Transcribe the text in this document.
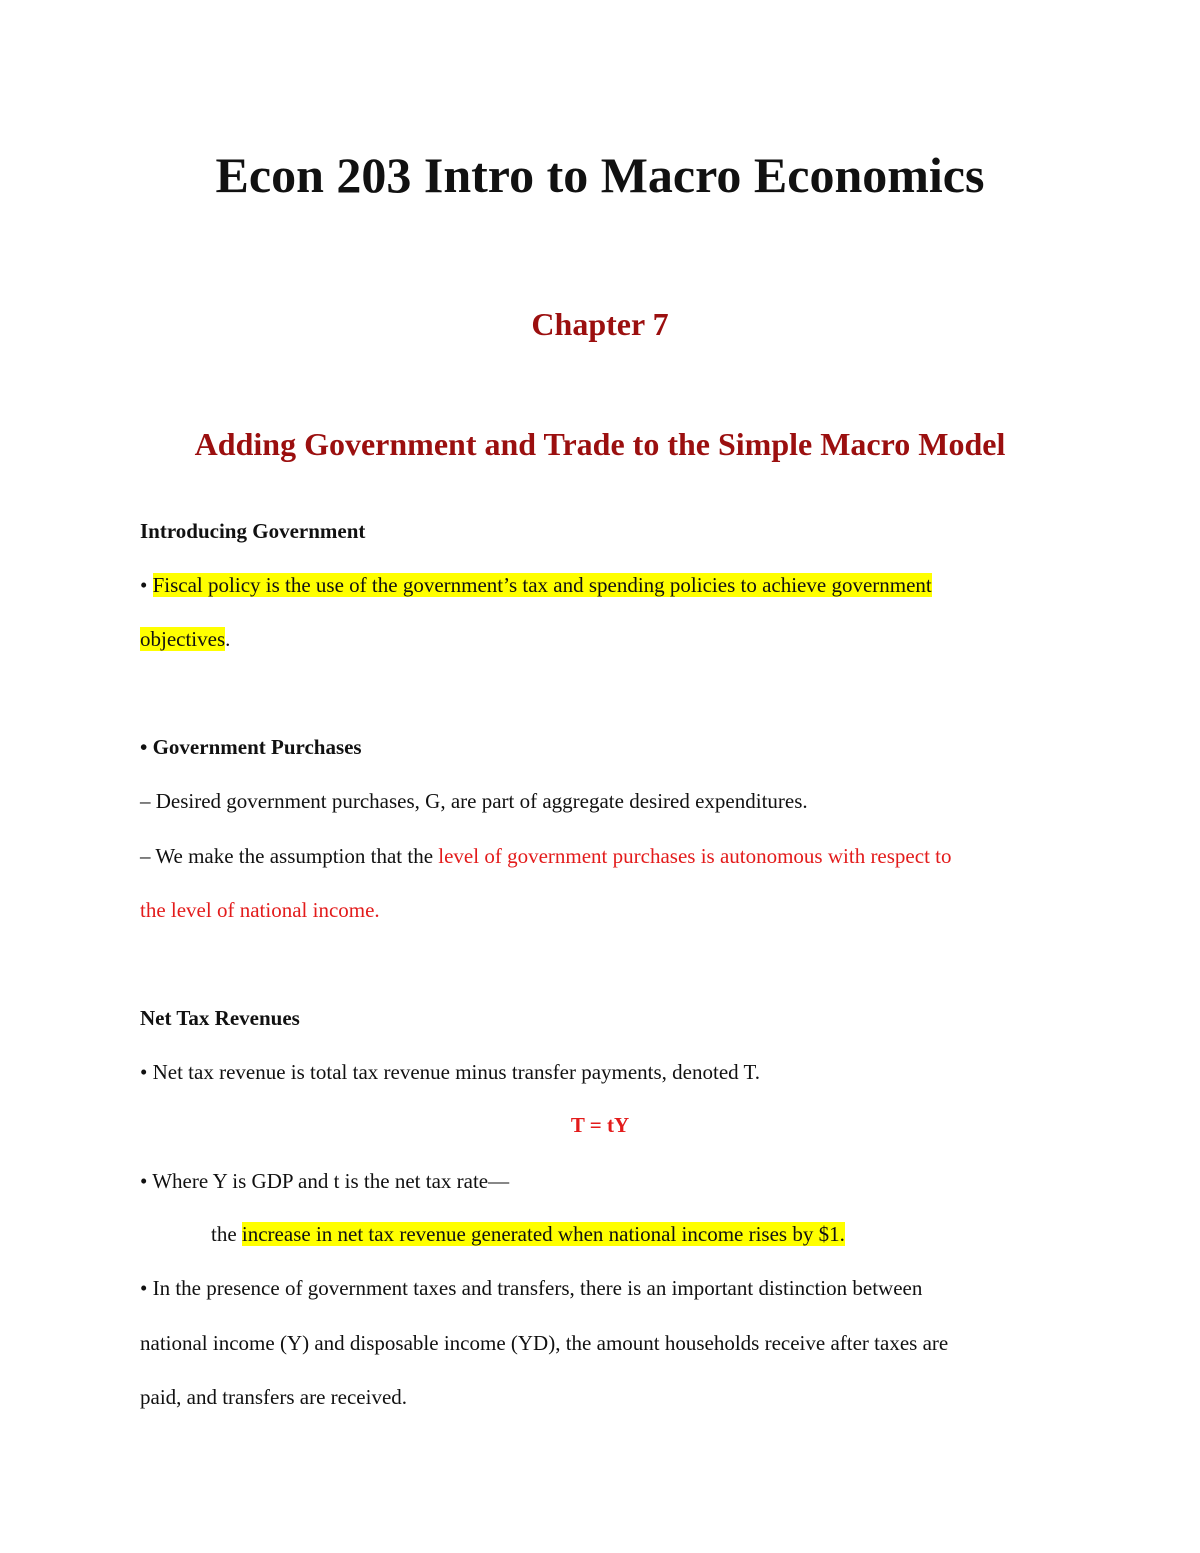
Econ 203 Intro to Macro Economics
Chapter 7
Adding Government and Trade to the Simple Macro Model
Introducing Government
• Fiscal policy is the use of the government’s tax and spending policies to achieve government
objectives.
• Government Purchases
– Desired government purchases, G, are part of aggregate desired expenditures.
– We make the assumption that the level of government purchases is autonomous with respect to
the level of national income.
Net Tax Revenues
• Net tax revenue is total tax revenue minus transfer payments, denoted T.
T = tY
• Where Y is GDP and t is the net tax rate—
the increase in net tax revenue generated when national income rises by $1.
• In the presence of government taxes and transfers, there is an important distinction between
national income (Y) and disposable income (YD), the amount households receive after taxes are
paid, and transfers are received.
